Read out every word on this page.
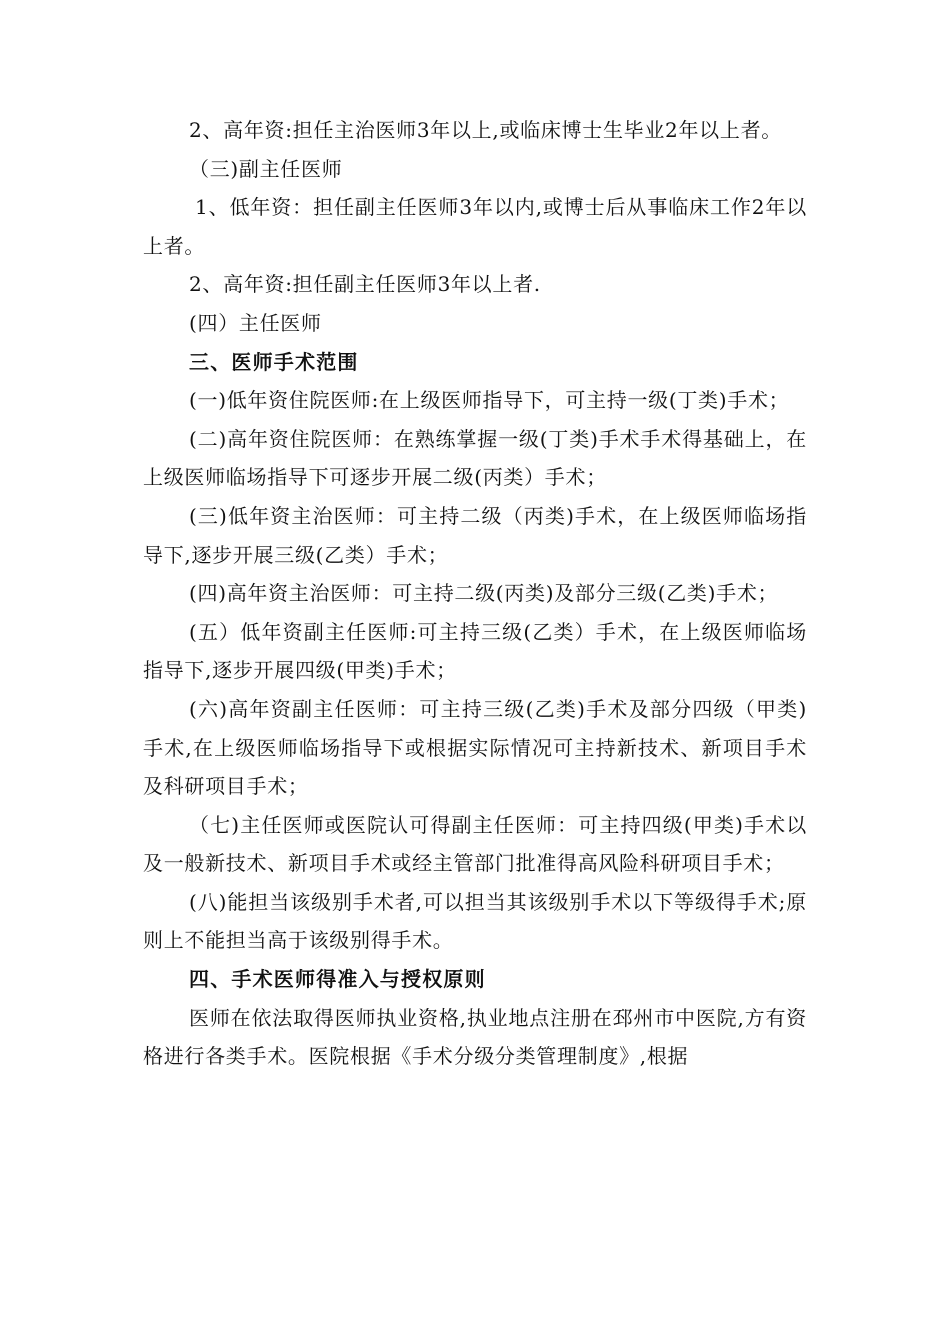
2、高年资:担任主治医师3年以上,或临床博士生毕业2年以上者。

（三)副主任医师

1、低年资：担任副主任医师3年以内,或博士后从事临床工作2年以上者。

2、高年资:担任副主任医师3年以上者.

(四）主任医师

三、医师手术范围

(一)低年资住院医师:在上级医师指导下，可主持一级(丁类)手术；

(二)高年资住院医师：在熟练掌握一级(丁类)手术手术得基础上，在上级医师临场指导下可逐步开展二级(丙类）手术；

(三)低年资主治医师：可主持二级（丙类)手术，在上级医师临场指导下,逐步开展三级(乙类）手术；

(四)高年资主治医师：可主持二级(丙类)及部分三级(乙类)手术；

(五）低年资副主任医师:可主持三级(乙类）手术，在上级医师临场指导下,逐步开展四级(甲类)手术；

(六)高年资副主任医师：可主持三级(乙类)手术及部分四级（甲类)手术,在上级医师临场指导下或根据实际情况可主持新技术、新项目手术及科研项目手术；

（七)主任医师或医院认可得副主任医师：可主持四级(甲类)手术以及一般新技术、新项目手术或经主管部门批准得高风险科研项目手术；

(八)能担当该级别手术者,可以担当其该级别手术以下等级得手术;原则上不能担当高于该级别得手术。

四、手术医师得准入与授权原则

医师在依法取得医师执业资格,执业地点注册在邳州市中医院,方有资格进行各类手术。医院根据《手术分级分类管理制度》,根据
